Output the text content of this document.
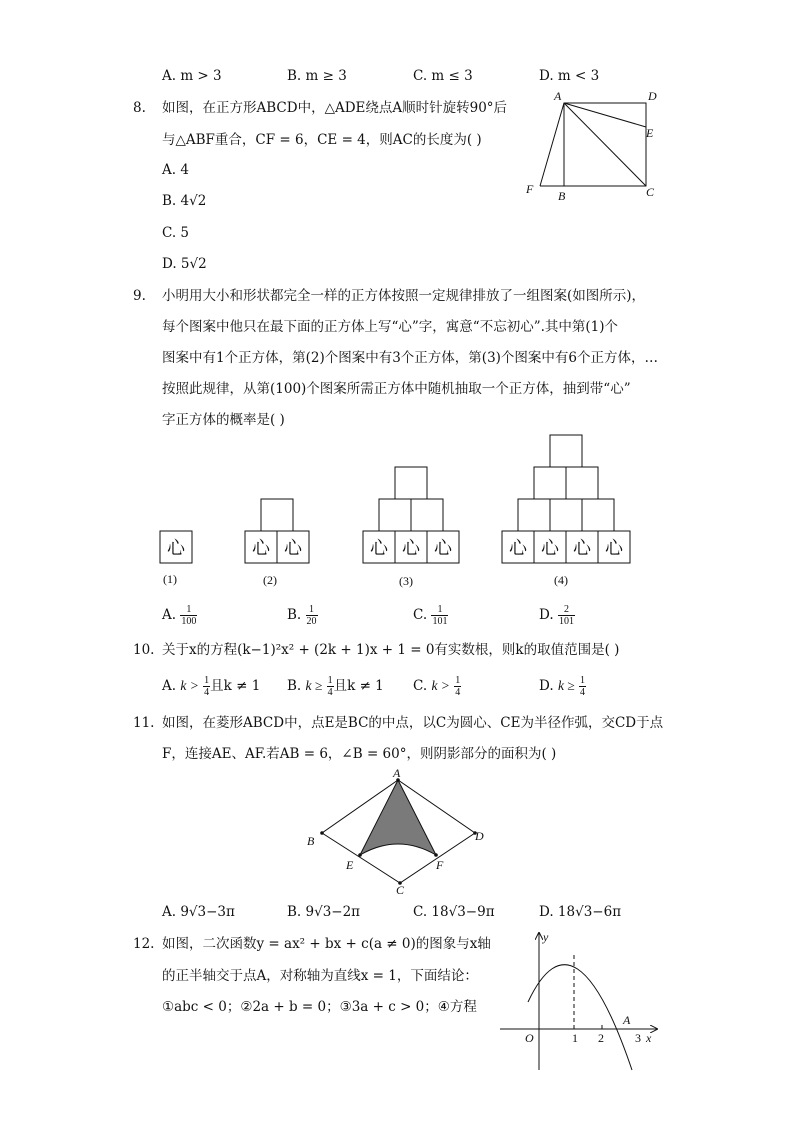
A. m > 3	B. m ≥ 3	C. m ≤ 3	D. m < 3
8. 如图，在正方形ABCD中，△ADE绕点A顺时针旋转90°后
与△ABF重合，CF = 6，CE = 4，则AC的长度为( )
A. 4
B. 4√2
C. 5
D. 5√2
A	D
E
F B	C
9. 小明用大小和形状都完全一样的正方体按照一定规律排放了一组图案(如图所示)，
每个图案中他只在最下面的正方体上写“心”字，寓意“不忘初心”.其中第(1)个
图案中有1个正方体，第(2)个图案中有3个正方体，第(3)个图案中有6个正方体，…
按照此规律，从第(100)个图案所需正方体中随机抽取一个正方体，抽到带“心”
字正方体的概率是( )
心	心 心	心 心 心	心 心 心 心
(1)	(2)	(3)	(4)
A. $\frac{1}{100}$	B. $\frac{1}{20}$	C. $\frac{1}{101}$	D. $\frac{2}{101}$
10. 关于x的方程(k−1)²x² + (2k + 1)x + 1 = 0有实数根，则k的取值范围是( )
A. $k > \frac{1}{4}$ 且k ≠ 1 B. $k \ge \frac{1}{4}$ 且k ≠ 1 C. $k > \frac{1}{4}$	D. $k \ge \frac{1}{4}$
11. 如图，在菱形ABCD中，点E是BC的中点，以C为圆心、CE为半径作弧，交CD于点
F，连接AE、AF.若AB = 6，∠B = 60°，则阴影部分的面积为( )
A
B	D
E	F
C
A. 9√3−3π	B. 9√3−2π	C. 18√3−9π	D. 18√3−6π
12. 如图，二次函数y = ax² + bx + c(a ≠ 0)的图象与x轴
的正半轴交于点A，对称轴为直线x = 1，下面结论：
①abc < 0；②2a + b = 0；③3a + c > 0；④方程
y
O	1 2
A
3 x
